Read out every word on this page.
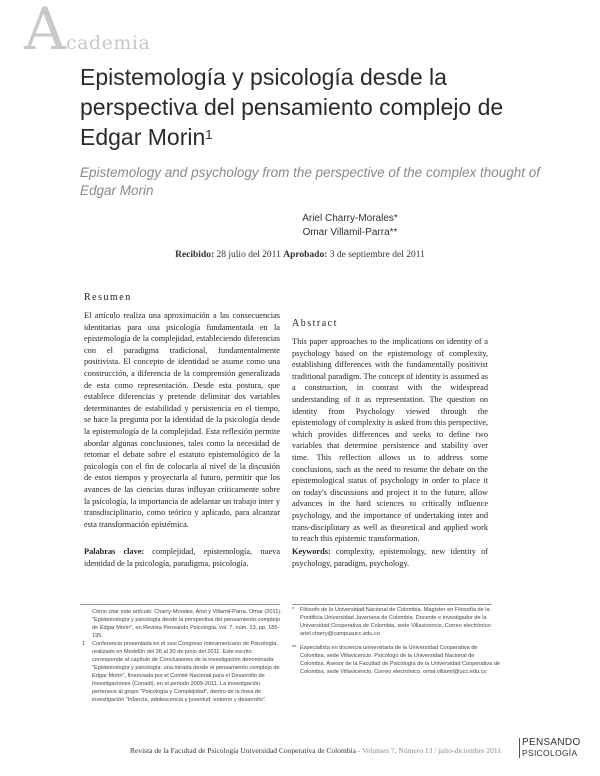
A cademia
Epistemología y psicología desde la perspectiva del pensamiento complejo de Edgar Morin$^1$
Epistemology and psychology from the perspective of the complex thought of Edgar Morin
Ariel Charry-Morales*
Omar Villamil-Parra**
Recibido: 28 julio del 2011 Aprobado: 3 de septiembre del 2011
Resumen
El artículo realiza una aproximación a las consecuencias identitarias para una psicología fundamentada en la epistemología de la complejidad, estableciendo diferencias con el paradigma tradicional, fundamentalmente positivista. El concepto de identidad se asume como una construcción, a diferencia de la comprensión generalizada de esta como representación. Desde esta postura, que establece diferencias y pretende delimitar dos variables determinantes de estabilidad y persistencia en el tiempo, se hace la pregunta por la identidad de la psicología desde la epistemología de la complejidad. Esta reflexión permite abordar algunas conclusiones, tales como la necesidad de retomar el debate sobre el estatuto epistemológico de la psicología con el fin de colocarla al nivel de la discusión de estos tiempos y proyectarla al futuro, permitir que los avances de las ciencias duras influyan críticamente sobre la psicología, la importancia de adelantar un trabajo inter y transdisciplinario, como teórico y aplicado, para alcanzar esta transformación epistémica.
Palabras clave: complejidad, epistemología, nueva identidad de la psicología, paradigma, psicología.
Abstract
This paper approaches to the implications on identity of a psychology based on the epistemology of complexity, establishing differences with the fundamentally positivist traditional paradigm. The concept of identity is assumed as a construction, in contrast with the widespread understanding of it as representation. The question on identity from Psychology viewed through the epistemology of complexity is asked from this perspective, which provides differences and seeks to define two variables that determine persistence and stability over time. This reflection allows us to address some conclusions, such as the need to resume the debate on the epistemological status of psychology in order to place it on today's discussions and project it to the future, allow advances in the hard sciences to critically influence psychology, and the importance of undertaking inter and trans-disciplinary as well as theoretical and applied work to reach this epistemic transformation.
Keywords: complexity, epistemology, new identity of psychology, paradigm, psychology.
Cómo citar este artículo: Charry-Morales, Ariel y Villamil-Parra, Omar (2011). "Epistemología y psicología desde la perspectiva del pensamiento complejo de Edgar Morin", en Revista Pensando Psicología, vol. 7, núm. 13, pp. 185-195.
1 Conferencia presentada en el xxxi Congreso Interamericano de Psicología, realizado en Medellín del 26 al 30 de junio del 2011. Este escrito corresponde al capítulo de Conclusiones de la investigación denominada: "Epistemología y psicología: una mirada desde el pensamiento complejo de Edgar Morin", financiada por el Comité Nacional para el Desarrollo de Investigaciones (Conadi), en el periodo 2009-2011. La investigación pertenece al grupo "Psicología y Complejidad", dentro de la línea de investigación "Infancia, adolescencia y juventud: entorno y desarrollo".
* Filósofo de la Universidad Nacional de Colombia. Magíster en Filosofía de la Pontificia Universidad Javeriana de Colombia. Docente e investigador de la Universidad Cooperativa de Colombia, sede Villavicencio. Correo electrónico: ariel.charry@campusucc.edu.co
** Especialista en docencia universitaria de la Universidad Cooperativa de Colombia, sede Villavicencio. Psicólogo de la Universidad Nacional de Colombia. Asesor de la Facultad de Psicología de la Universidad Cooperativa de Colombia, sede Villavicencio. Correo electrónico: omar.villamil@ucc.edu.co
Revista de la Facultad de Psicología Universidad Cooperativa de Colombia - Volumen 7, Número 13 / julio-diciembre 2011
PENSANDO
PSICOLOGÍA
